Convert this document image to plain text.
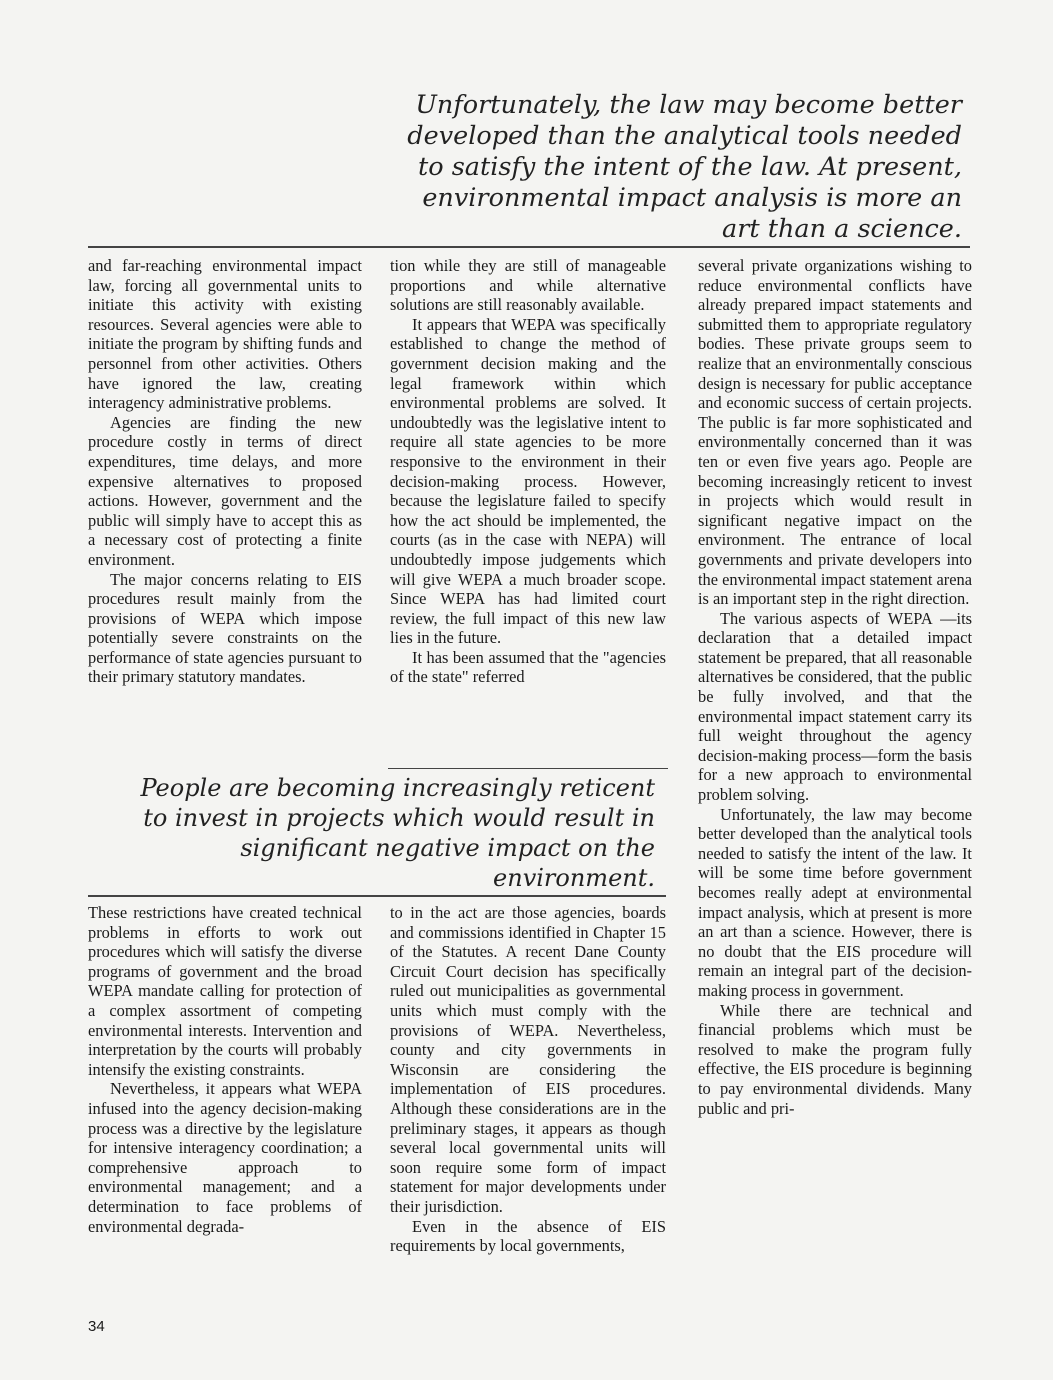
Unfortunately, the law may become better developed than the analytical tools needed to satisfy the intent of the law. At present, environmental impact analysis is more an art than a science.

and far-reaching environmental impact law, forcing all governmental units to initiate this activity with existing resources. Several agencies were able to initiate the program by shifting funds and personnel from other activities. Others have ignored the law, creating interagency administrative problems.

Agencies are finding the new procedure costly in terms of direct expenditures, time delays, and more expensive alternatives to proposed actions. However, government and the public will simply have to accept this as a necessary cost of protecting a finite environment.

The major concerns relating to EIS procedures result mainly from the provisions of WEPA which impose potentially severe constraints on the performance of state agencies pursuant to their primary statutory mandates.

tion while they are still of manageable proportions and while alternative solutions are still reasonably available.

It appears that WEPA was specifically established to change the method of government decision making and the legal framework within which environmental problems are solved. It undoubtedly was the legislative intent to require all state agencies to be more responsive to the environment in their decision-making process. However, because the legislature failed to specify how the act should be implemented, the courts (as in the case with NEPA) will undoubtedly impose judgements which will give WEPA a much broader scope. Since WEPA has had limited court review, the full impact of this new law lies in the future.

It has been assumed that the "agencies of the state" referred

several private organizations wishing to reduce environmental conflicts have already prepared impact statements and submitted them to appropriate regulatory bodies. These private groups seem to realize that an environmentally conscious design is necessary for public acceptance and economic success of certain projects. The public is far more sophisticated and environmentally concerned than it was ten or even five years ago. People are becoming increasingly reticent to invest in projects which would result in significant negative impact on the environment. The entrance of local governments and private developers into the environmental impact statement arena is an important step in the right direction.

The various aspects of WEPA —its declaration that a detailed impact statement be prepared, that all reasonable alternatives be considered, that the public be fully involved, and that the environmental impact statement carry its full weight throughout the agency decision-making process—form the basis for a new approach to environmental problem solving.

Unfortunately, the law may become better developed than the analytical tools needed to satisfy the intent of the law. It will be some time before government becomes really adept at environmental impact analysis, which at present is more an art than a science. However, there is no doubt that the EIS procedure will remain an integral part of the decision-making process in government.

While there are technical and financial problems which must be resolved to make the program fully effective, the EIS procedure is beginning to pay environmental dividends. Many public and pri-

People are becoming increasingly reticent to invest in projects which would result in significant negative impact on the environment.

These restrictions have created technical problems in efforts to work out procedures which will satisfy the diverse programs of government and the broad WEPA mandate calling for protection of a complex assortment of competing environmental interests. Intervention and interpretation by the courts will probably intensify the existing constraints.

Nevertheless, it appears what WEPA infused into the agency decision-making process was a directive by the legislature for intensive interagency coordination; a comprehensive approach to environmental management; and a determination to face problems of environmental degrada-

to in the act are those agencies, boards and commissions identified in Chapter 15 of the Statutes. A recent Dane County Circuit Court decision has specifically ruled out municipalities as governmental units which must comply with the provisions of WEPA. Nevertheless, county and city governments in Wisconsin are considering the implementation of EIS procedures. Although these considerations are in the preliminary stages, it appears as though several local governmental units will soon require some form of impact statement for major developments under their jurisdiction.

Even in the absence of EIS requirements by local governments,

34
